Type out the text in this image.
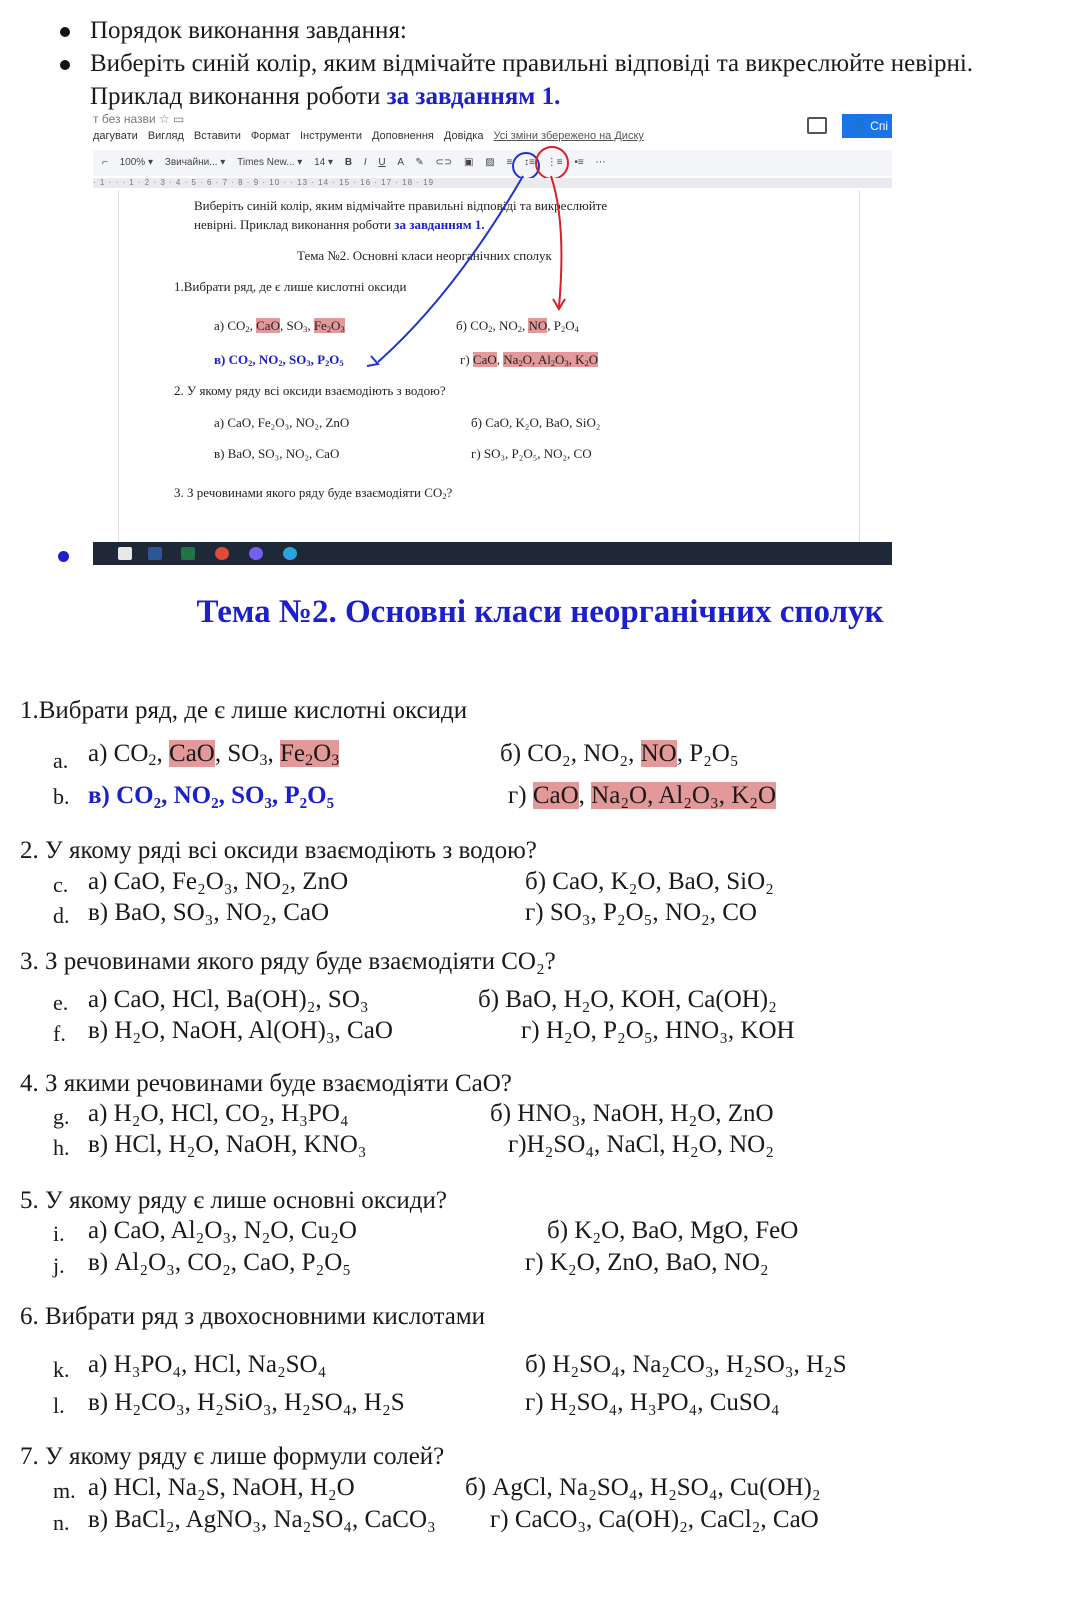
Порядок виконання завдання:
Виберіть синій колір, яким відмічайте правильні відповіді та викреслюйте невірні.
Приклад виконання роботи за завданням 1.
т без назви ☆ ▭	👤 Спі
дагувати Вигляд Вставити Формат Інструменти Доповнення Довідка Усі зміни збережено на Диску
⌐ 100% ▾ Звичайни... ▾ Times New... ▾ 14 ▾ B I U A ✎ ⊂⊃ ▣ ▨ ≡ ↕≡ ⋮≡ •≡ ⋯
· 1 · · · 1 · 2 · 3 · 4 · 5 · 6 · 7 · 8 · 9 · 10 · · 13 · 14 · 15 · 16 · 17 · 18 · 19
Виберіть синій колір, яким відмічайте правильні відповіді та викреслюйте
невірні. Приклад виконання роботи за завданням 1.
Тема №2. Основні класи неорганічних сполук
1.Вибрати ряд, де є лише кислотні оксиди
а) $CO_2$, CaO, $SO_3$, $Fe_2O_3$	б) $CO_2$, $NO_2$, NO, $P_2O_4$
в) $CO_2$, $NO_2$, $SO_3$, $P_2O_5$	г) CaO, $Na_2O$, $Al_2O_3$, $K_2O$
2. У якому ряду всі оксиди взаємодіють з водою?
а) CaO, Fe₂O₃, NO₂, ZnO	б) CaO, K₂O, BaO, SiO₂
в) BaO, SO₃, NO₂, CaO	г) SO₃, P₂O₅, NO₂, CO
3. З речовинами якого ряду буде взаємодіяти $CO_2$?
Тема №2. Основні класи неорганічних сполук
1.Вибрати ряд, де є лише кислотні оксиди
a. а) $CO_2$, CaO, $SO_3$, $Fe_2O_3$	б) CO₂, NO₂, NO, P₂O₅
b. в) CO₂, NO₂, SO₃, P₂O₅	г) CaO, Na₂O, Al₂O₃, K₂O
2. У якому ряді всі оксиди взаємодіють з водою?
c. а) CaO, Fe₂O₃, NO₂, ZnO	б) CaO, K₂O, BaO, SiO₂
d. в) BaO, SO₃, NO₂, CaO	г) SO₃, P₂O₅, NO₂, CO
3. З речовинами якого ряду буде взаємодіяти CO₂?
e. а) CaO, HCl, Ba(OH)₂, SO₃	б) BaO, H₂O, KOH, Ca(OH)₂
f. в) H₂O, NaOH, Al(OH)₃, CaO	г) H₂O, P₂O₅, HNO₃, KOH
4. З якими речовинами буде взаємодіяти CaO?
g. а) H₂O, HCl, CO₂, H₃PO₄	б) HNO₃, NaOH, H₂O, ZnO
h. в) HCl, H₂O, NaOH, KNO₃	г)H₂SO₄, NaCl, H₂O, NO₂
5. У якому ряду є лише основні оксиди?
i. а) CaO, Al₂O₃, N₂O, Cu₂O	б) K₂O, BaO, MgO, FeO
j. в) Al₂O₃, CO₂, CaO, P₂O₅	г) K₂O, ZnO, BaO, NO₂
6. Вибрати ряд з двохосновними кислотами
k. а) H₃PO₄, HCl, Na₂SO₄	б) H₂SO₄, Na₂CO₃, H₂SO₃, H₂S
l. в) H₂CO₃, H₂SiO₃, H₂SO₄, H₂S	г) H₂SO₄, H₃PO₄, CuSO₄
7. У якому ряду є лише формули солей?
m. а) HCl, Na₂S, NaOH, H₂O	б) AgCl, Na₂SO₄, H₂SO₄, Cu(OH)₂
n. в) BaCl₂, AgNO₃, Na₂SO₄, CaCO₃ г) CaCO₃, Ca(OH)₂, CaCl₂, CaO
